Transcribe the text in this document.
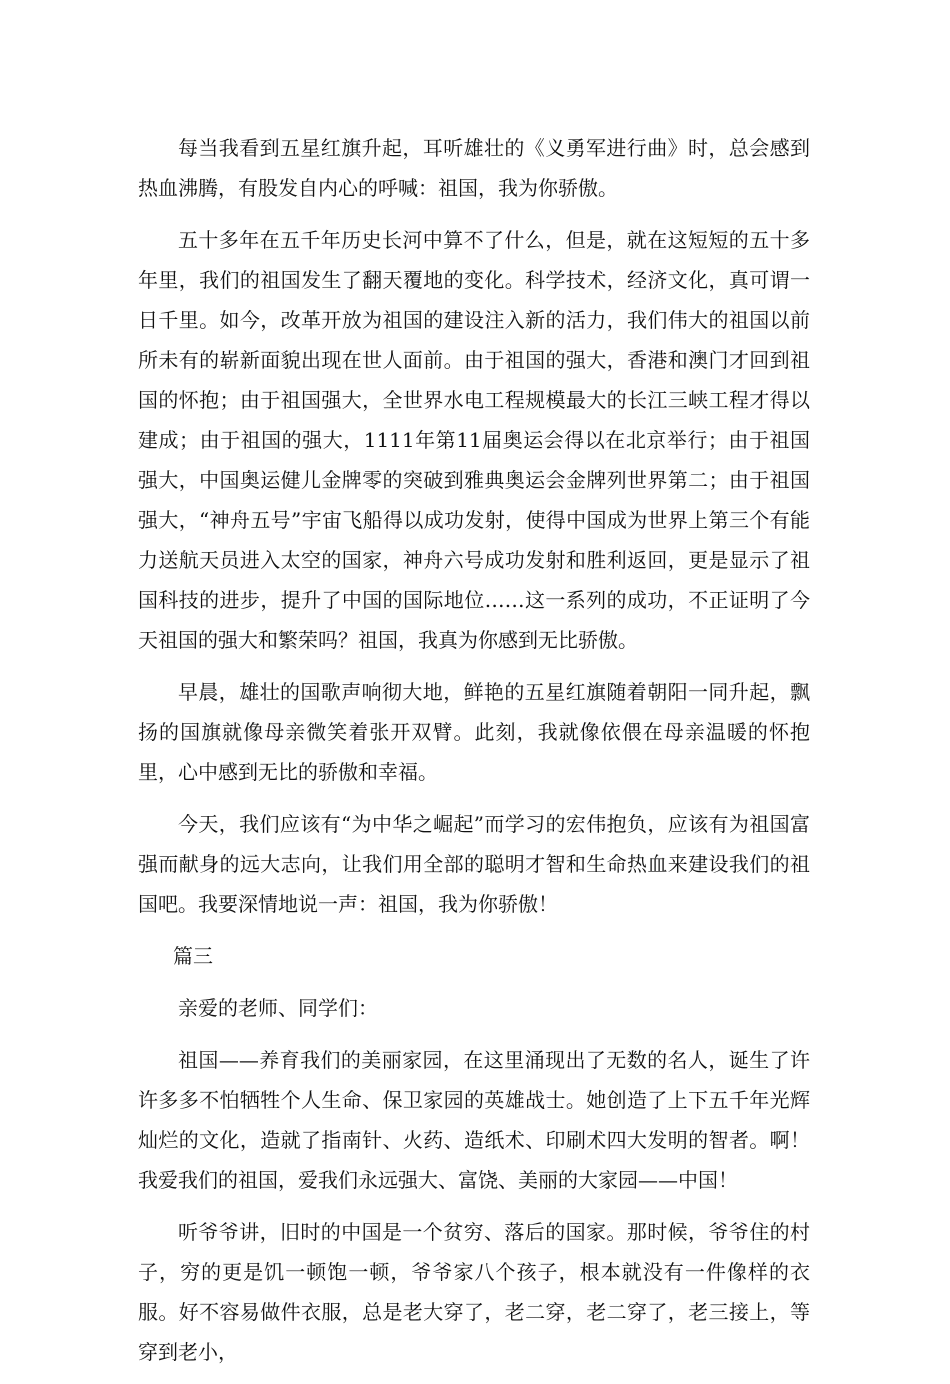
每当我看到五星红旗升起，耳听雄壮的《义勇军进行曲》时，总会感到热血沸腾，有股发自内心的呼喊：祖国，我为你骄傲。

五十多年在五千年历史长河中算不了什么，但是，就在这短短的五十多年里，我们的祖国发生了翻天覆地的变化。科学技术，经济文化，真可谓一日千里。如今，改革开放为祖国的建设注入新的活力，我们伟大的祖国以前所未有的崭新面貌出现在世人面前。由于祖国的强大，香港和澳门才回到祖国的怀抱；由于祖国强大，全世界水电工程规模最大的长江三峡工程才得以建成；由于祖国的强大，1111年第11届奥运会得以在北京举行；由于祖国强大，中国奥运健儿金牌零的突破到雅典奥运会金牌列世界第二；由于祖国强大，“神舟五号”宇宙飞船得以成功发射，使得中国成为世界上第三个有能力送航天员进入太空的国家，神舟六号成功发射和胜利返回，更是显示了祖国科技的进步，提升了中国的国际地位……这一系列的成功，不正证明了今天祖国的强大和繁荣吗？祖国，我真为你感到无比骄傲。

早晨，雄壮的国歌声响彻大地，鲜艳的五星红旗随着朝阳一同升起，飘扬的国旗就像母亲微笑着张开双臂。此刻，我就像依偎在母亲温暖的怀抱里，心中感到无比的骄傲和幸福。

今天，我们应该有“为中华之崛起”而学习的宏伟抱负，应该有为祖国富强而献身的远大志向，让我们用全部的聪明才智和生命热血来建设我们的祖国吧。我要深情地说一声：祖国，我为你骄傲！

篇三

亲爱的老师、同学们：

祖国——养育我们的美丽家园，在这里涌现出了无数的名人，诞生了许许多多不怕牺牲个人生命、保卫家园的英雄战士。她创造了上下五千年光辉灿烂的文化，造就了指南针、火药、造纸术、印刷术四大发明的智者。啊！我爱我们的祖国，爱我们永远强大、富饶、美丽的大家园——中国！

听爷爷讲，旧时的中国是一个贫穷、落后的国家。那时候，爷爷住的村子，穷的更是饥一顿饱一顿，爷爷家八个孩子，根本就没有一件像样的衣服。好不容易做件衣服，总是老大穿了，老二穿，老二穿了，老三接上，等穿到老小，
